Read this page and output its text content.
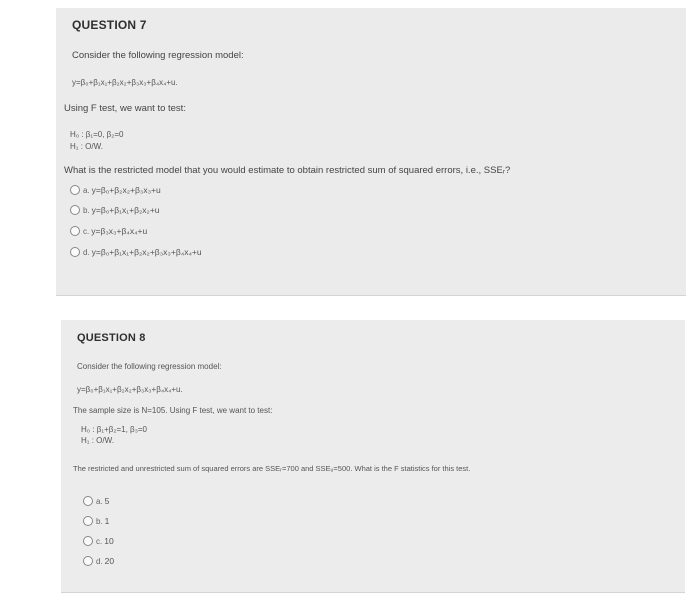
QUESTION 7
Consider the following regression model:
y=β₀+β₁x₁+β₂x₂+β₃x₃+β₄x₄+u.
Using F test, we want to test:
H₀ : β₁=0, β₂=0
H₁ : O/W.
What is the restricted model that you would estimate to obtain restricted sum of squared errors, i.e., SSEᵣ?
a. y=β₀+β₂x₂+β₃x₃+u
b. y=β₀+β₁x₁+β₂x₂+u
c. y=β₃x₃+β₄x₄+u
d. y=β₀+β₁x₁+β₂x₂+β₃x₃+β₄x₄+u
QUESTION 8
Consider the following regression model:
y=β₀+β₁x₁+β₂x₂+β₃x₃+β₄x₄+u.
The sample size is N=105. Using F test, we want to test:
H₀ : β₁+β₂=1, β₃=0
H₁ : O/W.
The restricted and unrestricted sum of squared errors are SSEᵣ=700 and SSEᵤ=500. What is the F statistics for this test.
a. 5
b. 1
c. 10
d. 20
